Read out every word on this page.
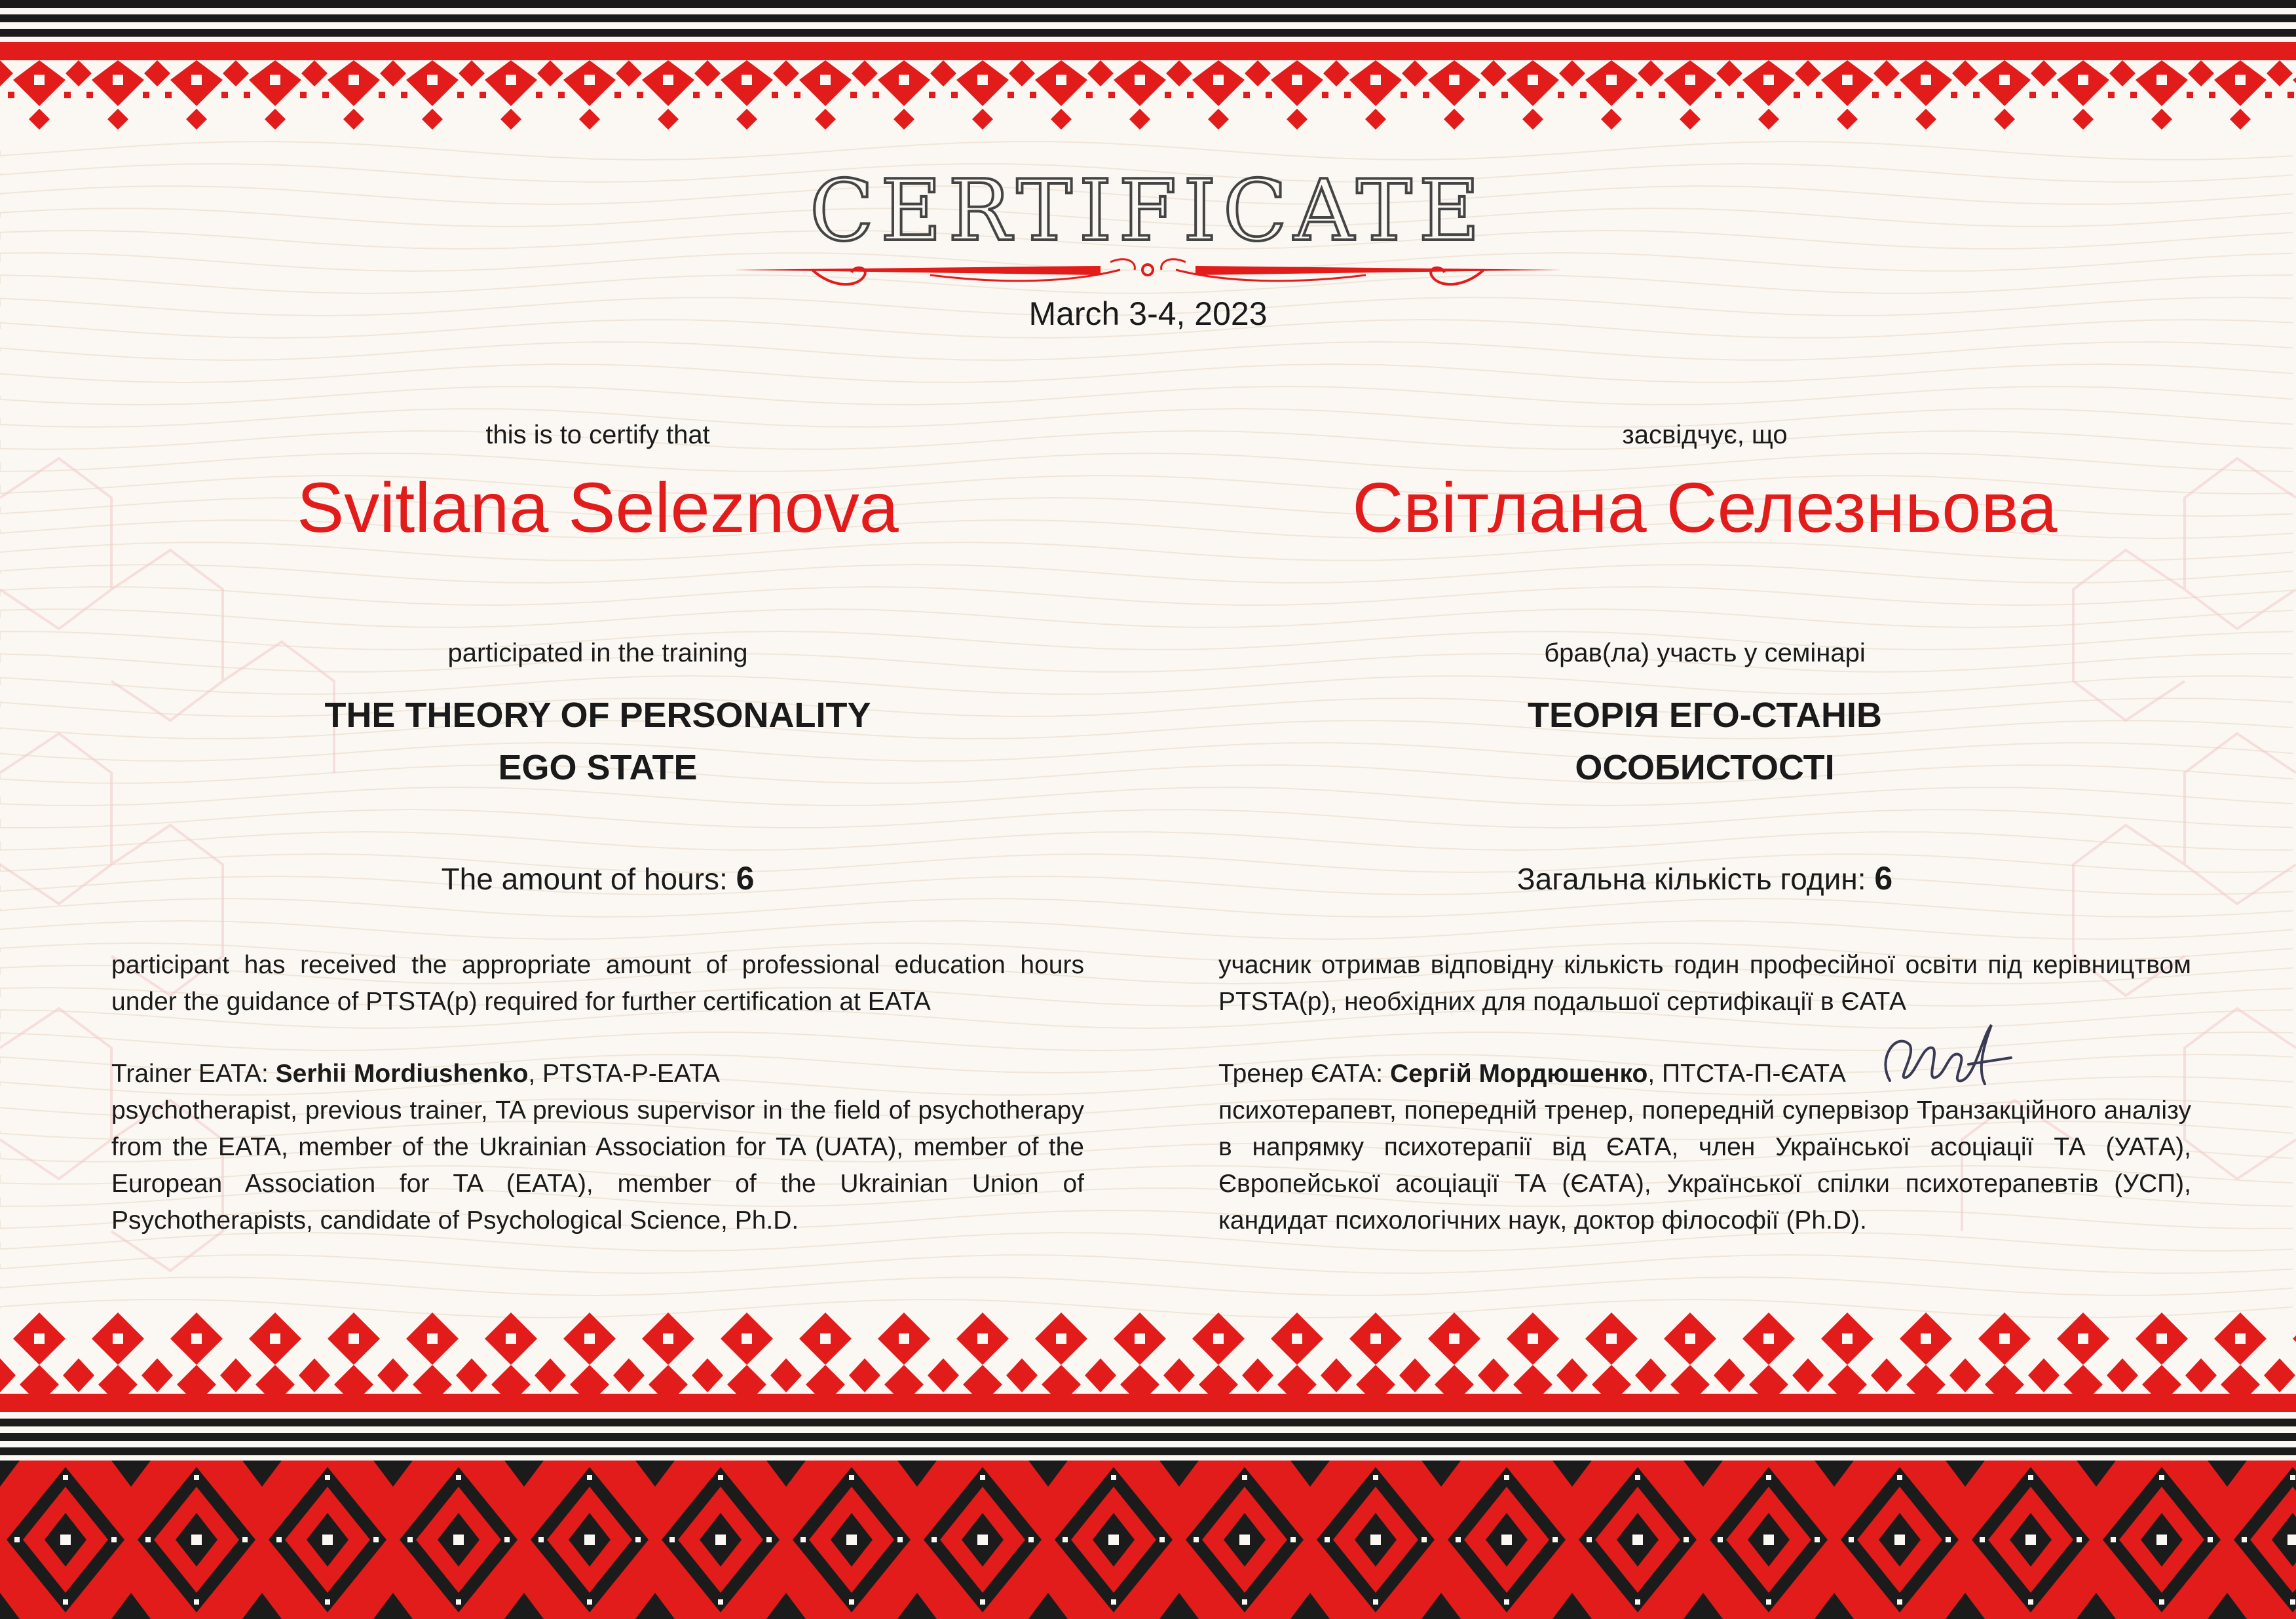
CERTIFICATE
March 3-4, 2023
this is to certify that
Svitlana Seleznova
participated in the training
THE THEORY OF PERSONALITY
EGO STATE
The amount of hours: 6
participant has received the appropriate amount of professional education hours under the guidance of PTSTA(p) required for further certification at EATA
Trainer EATA: Serhii Mordiushenko, PTSTA-P-EATA
psychotherapist, previous trainer, TA previous supervisor in the field of psychotherapy from the EATA, member of the Ukrainian Association for TA (UATA), member of the European Association for TA (EATA), member of the Ukrainian Union of Psychotherapists, candidate of Psychological Science, Ph.D.
засвідчує, що
Світлана Селезньова
брав(ла) участь у семінарі
ТЕОРІЯ ЕГО-СТАНІВ
ОСОБИСТОСТІ
Загальна кількість годин: 6
учасник отримав відповідну кількість годин професійної освіти під керівництвом PTSTA(p), необхідних для подальшої сертифікації в ЄАТА
Тренер ЄАТА: Сергій Мордюшенко, ПТСТА-П-ЄАТА
психотерапевт, попередній тренер, попередній супервізор Транзакційного аналізу в напрямку психотерапії від ЄАТА, член Української асоціації ТА (УАТА), Європейської асоціації ТА (ЄАТА), Української спілки психотерапевтів (УСП), кандидат психологічних наук, доктор філософії (Ph.D).
